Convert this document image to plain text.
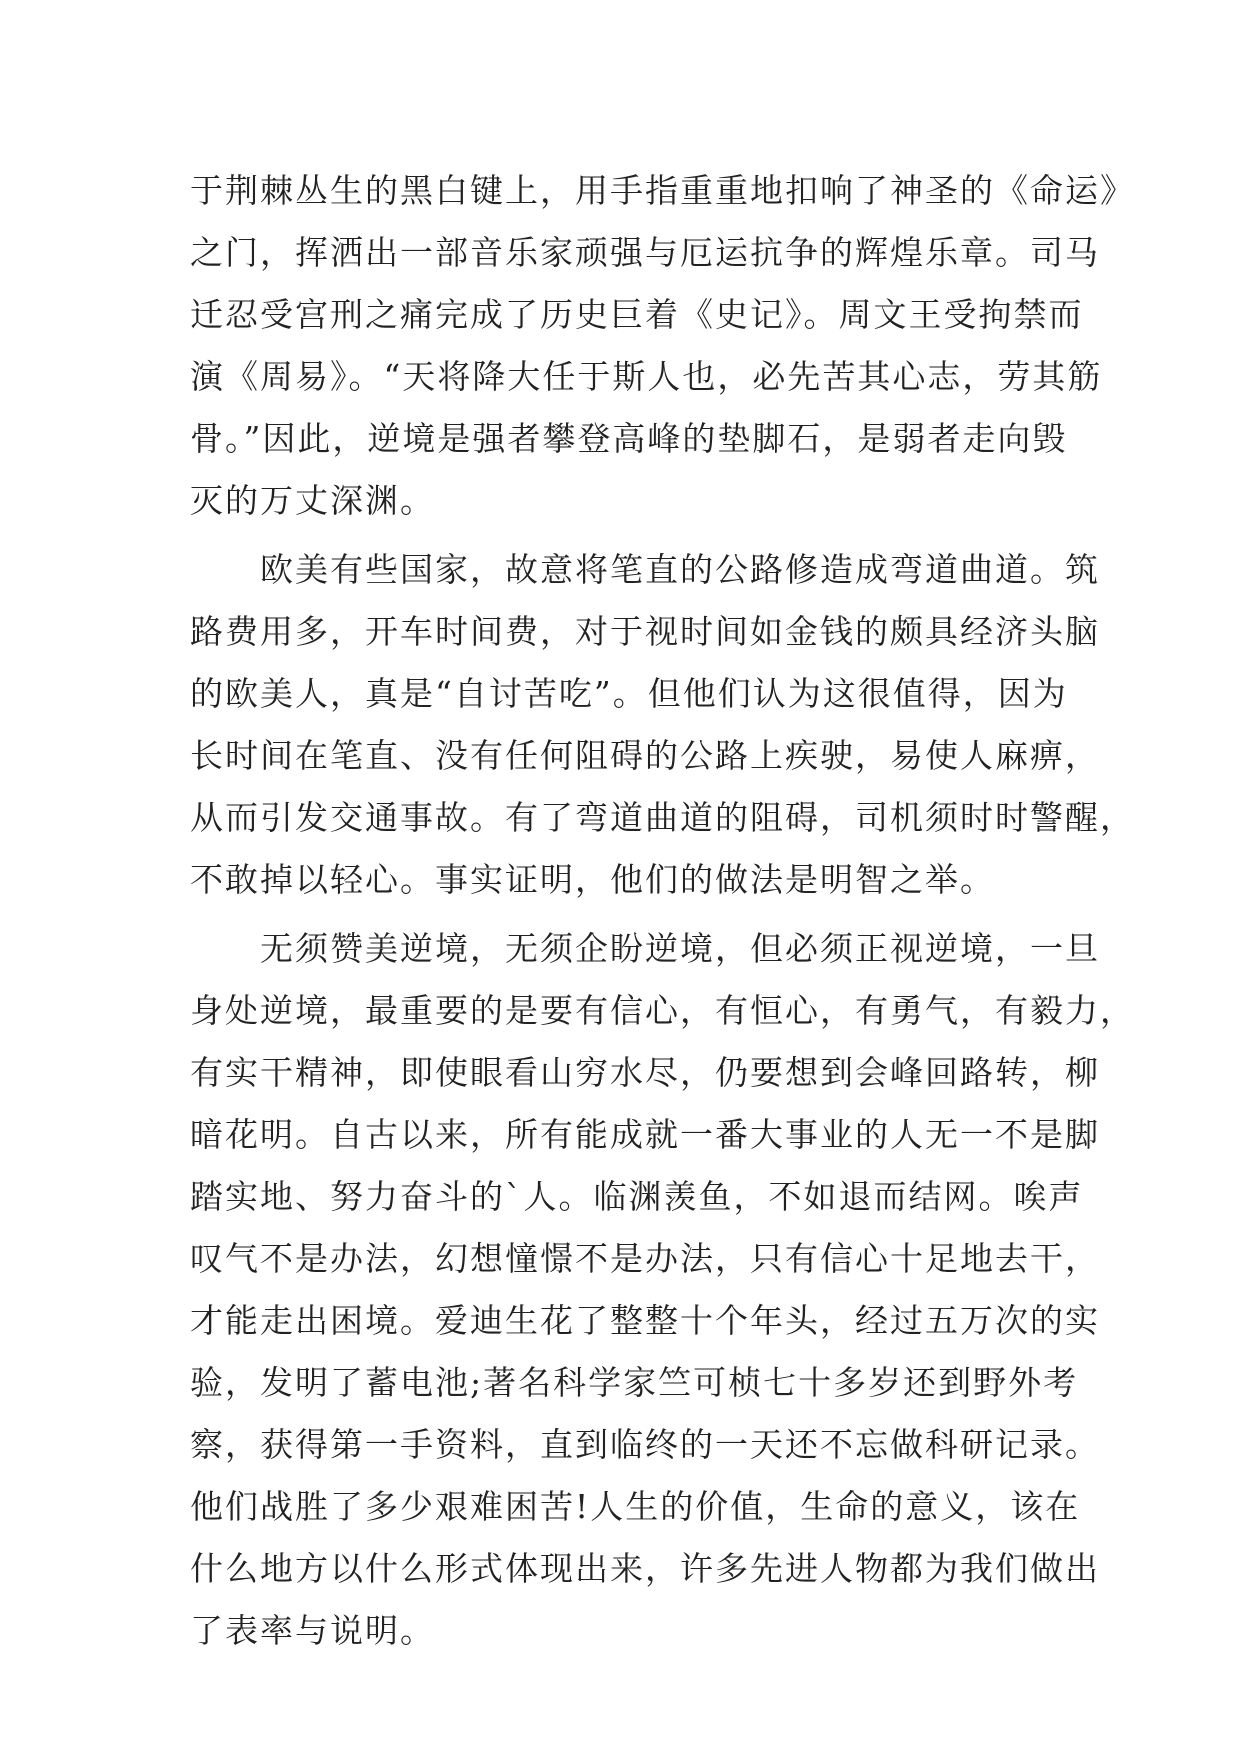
于荆棘丛生的黑白键上，用手指重重地扣响了神圣的《命运》
之门，挥洒出一部音乐家顽强与厄运抗争的辉煌乐章。司马
迁忍受宫刑之痛完成了历史巨着《史记》。周文王受拘禁而
演《周易》。“天将降大任于斯人也，必先苦其心志，劳其筋
骨。”因此，逆境是强者攀登高峰的垫脚石，是弱者走向毁
灭的万丈深渊。
　　欧美有些国家，故意将笔直的公路修造成弯道曲道。筑
路费用多，开车时间费，对于视时间如金钱的颇具经济头脑
的欧美人，真是“自讨苦吃”。但他们认为这很值得，因为
长时间在笔直、没有任何阻碍的公路上疾驶，易使人麻痹，
从而引发交通事故。有了弯道曲道的阻碍，司机须时时警醒，
不敢掉以轻心。事实证明，他们的做法是明智之举。
　　无须赞美逆境，无须企盼逆境，但必须正视逆境，一旦
身处逆境，最重要的是要有信心，有恒心，有勇气，有毅力，
有实干精神，即使眼看山穷水尽，仍要想到会峰回路转，柳
暗花明。自古以来，所有能成就一番大事业的人无一不是脚
踏实地、努力奋斗的`人。临渊羡鱼，不如退而结网。唉声
叹气不是办法，幻想憧憬不是办法，只有信心十足地去干，
才能走出困境。爱迪生花了整整十个年头，经过五万次的实
验，发明了蓄电池;著名科学家竺可桢七十多岁还到野外考
察，获得第一手资料，直到临终的一天还不忘做科研记录。
他们战胜了多少艰难困苦!人生的价值，生命的意义，该在
什么地方以什么形式体现出来，许多先进人物都为我们做出
了表率与说明。
